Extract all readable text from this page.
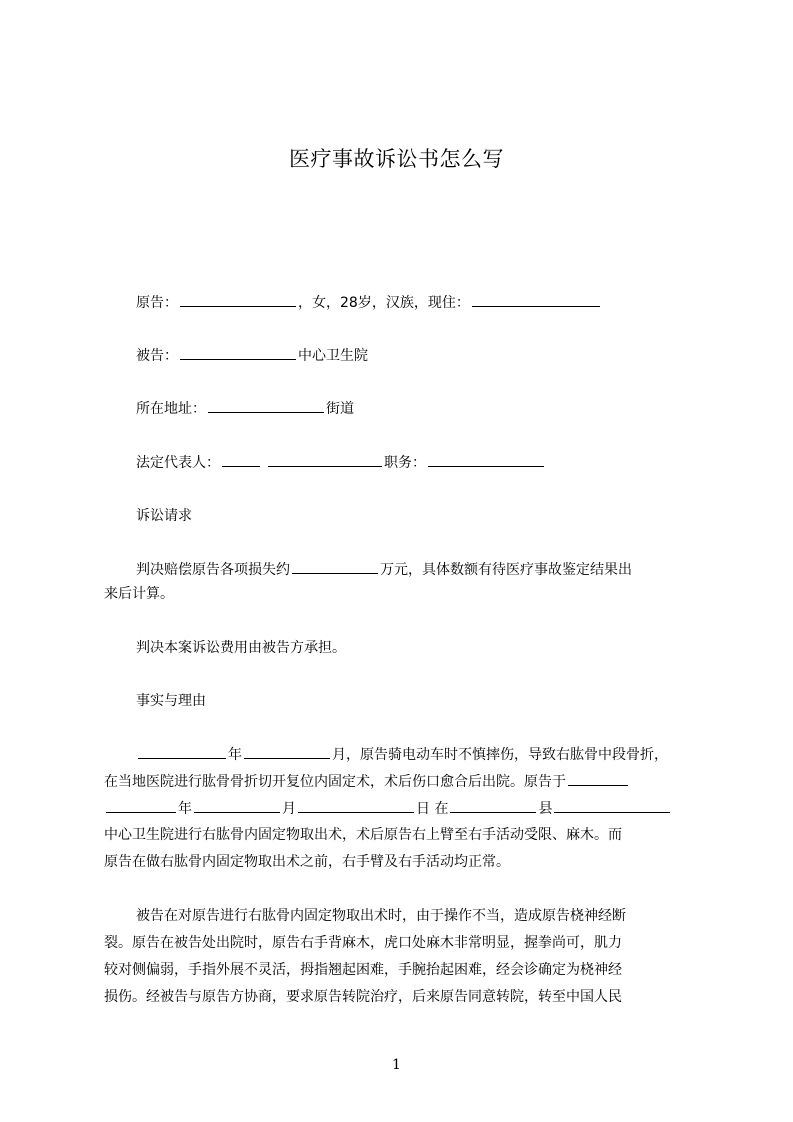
医疗事故诉讼书怎么写
原告：	，女，28岁，汉族，现住：
被告：	中心卫生院
所在地址：	街道
法定代表人：	职务：
诉讼请求
判决赔偿原告各项损失约	万元，具体数额有待医疗事故鉴定结果出
来后计算。
判决本案诉讼费用由被告方承担。
事实与理由
年	月，原告骑电动车时不慎摔伤，导致右肱骨中段骨折，
在当地医院进行肱骨骨折切开复位内固定术，术后伤口愈合后出院。原告于
年	月	日 在	县
中心卫生院进行右肱骨内固定物取出术，术后原告右上臂至右手活动受限、麻木。而
原告在做右肱骨内固定物取出术之前，右手臂及右手活动均正常。
被告在对原告进行右肱骨内固定物取出术时，由于操作不当，造成原告桡神经断
裂。原告在被告处出院时，原告右手背麻木，虎口处麻木非常明显，握拳尚可，肌力
较对侧偏弱，手指外展不灵活，拇指翘起困难，手腕抬起困难，经会诊确定为桡神经
损伤。经被告与原告方协商，要求原告转院治疗，后来原告同意转院，转至中国人民
1
